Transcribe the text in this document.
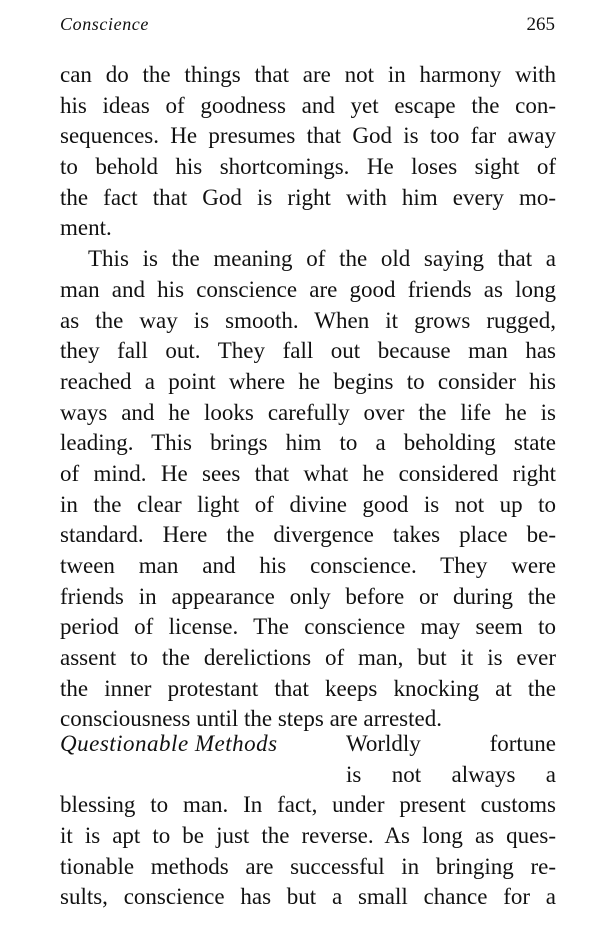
Conscience	265
can do the things that are not in harmony with
his ideas of goodness and yet escape the con-
sequences. He presumes that God is too far away
to behold his shortcomings. He loses sight of
the fact that God is right with him every mo-
ment.
This is the meaning of the old saying that a
man and his conscience are good friends as long
as the way is smooth. When it grows rugged,
they fall out. They fall out because man has
reached a point where he begins to consider his
ways and he looks carefully over the life he is
leading. This brings him to a beholding state
of mind. He sees that what he considered right
in the clear light of divine good is not up to
standard. Here the divergence takes place be-
tween man and his conscience. They were
friends in appearance only before or during the
period of license. The conscience may seem to
assent to the derelictions of man, but it is ever
the inner protestant that keeps knocking at the
consciousness until the steps are arrested.
Questionable Methods	Worldly fortune
is not always a
blessing to man. In fact, under present customs
it is apt to be just the reverse. As long as ques-
tionable methods are successful in bringing re-
sults, conscience has but a small chance for a
